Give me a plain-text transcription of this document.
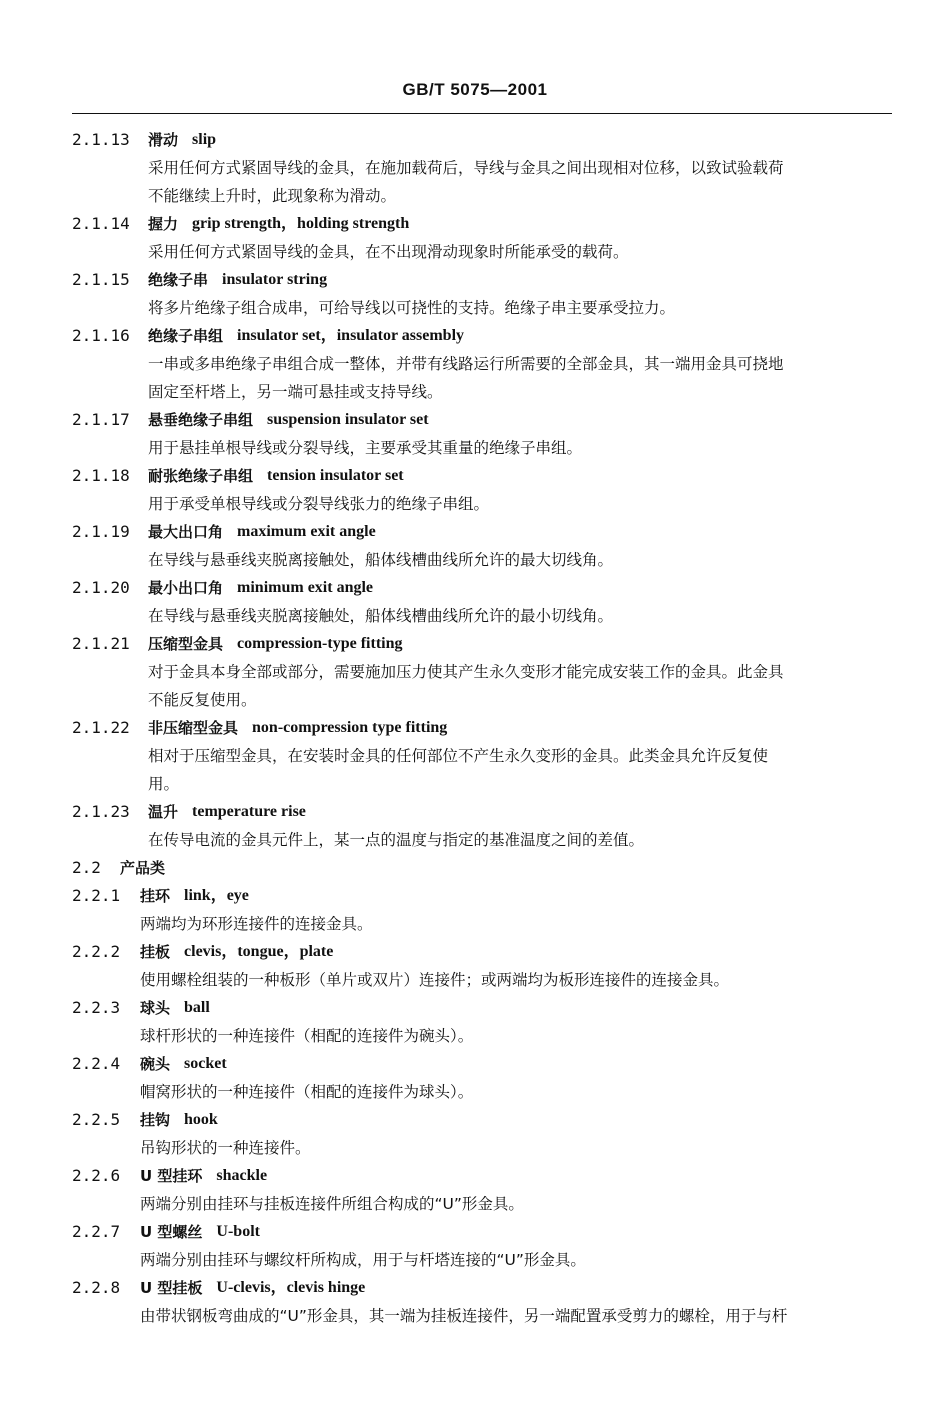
GB/T 5075—2001
2.1.13 滑动 slip
采用任何方式紧固导线的金具，在施加载荷后，导线与金具之间出现相对位移，以致试验载荷
不能继续上升时，此现象称为滑动。
2.1.14 握力 grip strength，holding strength
采用任何方式紧固导线的金具，在不出现滑动现象时所能承受的载荷。
2.1.15 绝缘子串 insulator string
将多片绝缘子组合成串，可给导线以可挠性的支持。绝缘子串主要承受拉力。
2.1.16 绝缘子串组 insulator set，insulator assembly
一串或多串绝缘子串组合成一整体，并带有线路运行所需要的全部金具，其一端用金具可挠地
固定至杆塔上，另一端可悬挂或支持导线。
2.1.17 悬垂绝缘子串组 suspension insulator set
用于悬挂单根导线或分裂导线，主要承受其重量的绝缘子串组。
2.1.18 耐张绝缘子串组 tension insulator set
用于承受单根导线或分裂导线张力的绝缘子串组。
2.1.19 最大出口角 maximum exit angle
在导线与悬垂线夹脱离接触处，船体线槽曲线所允许的最大切线角。
2.1.20 最小出口角 minimum exit angle
在导线与悬垂线夹脱离接触处，船体线槽曲线所允许的最小切线角。
2.1.21 压缩型金具 compression-type fitting
对于金具本身全部或部分，需要施加压力使其产生永久变形才能完成安装工作的金具。此金具
不能反复使用。
2.1.22 非压缩型金具 non-compression type fitting
相对于压缩型金具，在安装时金具的任何部位不产生永久变形的金具。此类金具允许反复使
用。
2.1.23 温升 temperature rise
在传导电流的金具元件上，某一点的温度与指定的基准温度之间的差值。
2.2 产品类
2.2.1 挂环 link，eye
两端均为环形连接件的连接金具。
2.2.2 挂板 clevis，tongue，plate
使用螺栓组装的一种板形（单片或双片）连接件；或两端均为板形连接件的连接金具。
2.2.3 球头 ball
球杆形状的一种连接件（相配的连接件为碗头）。
2.2.4 碗头 socket
帽窝形状的一种连接件（相配的连接件为球头）。
2.2.5 挂钩 hook
吊钩形状的一种连接件。
2.2.6 U 型挂环 shackle
两端分别由挂环与挂板连接件所组合构成的“U”形金具。
2.2.7 U 型螺丝 U-bolt
两端分别由挂环与螺纹杆所构成，用于与杆塔连接的“U”形金具。
2.2.8 U 型挂板 U-clevis，clevis hinge
由带状钢板弯曲成的“U”形金具，其一端为挂板连接件，另一端配置承受剪力的螺栓，用于与杆
